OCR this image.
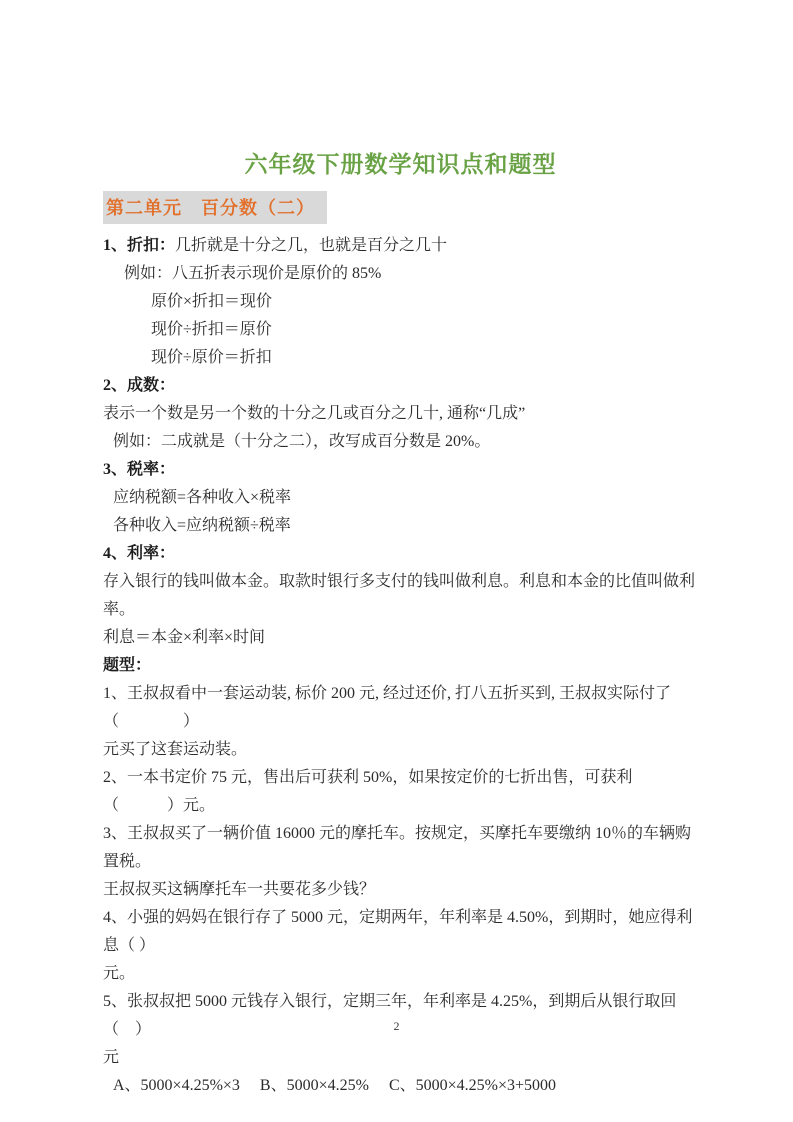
六年级下册数学知识点和题型
第二单元　百分数（二）

1、折扣：几折就是十分之几，也就是百分之几十

例如：八五折表示现价是原价的 85%

原价×折扣＝现价

现价÷折扣＝原价

现价÷原价＝折扣

2、成数：

表示一个数是另一个数的十分之几或百分之几十, 通称“几成”

例如：二成就是（十分之二），改写成百分数是 20%。

3、税率：

应纳税额=各种收入×税率

各种收入=应纳税额÷税率

4、利率：

存入银行的钱叫做本金。取款时银行多支付的钱叫做利息。利息和本金的比值叫做利率。

利息＝本金×利率×时间

题型：

1、王叔叔看中一套运动装, 标价 200 元, 经过还价, 打八五折买到, 王叔叔实际付了（　　　　）

元买了这套运动装。

2、一本书定价 75 元，售出后可获利 50%，如果按定价的七折出售，可获利（　　　）元。

3、王叔叔买了一辆价值 16000 元的摩托车。按规定，买摩托车要缴纳 10％的车辆购置税。

王叔叔买这辆摩托车一共要花多少钱？

4、小强的妈妈在银行存了 5000 元，定期两年，年利率是 4.50%，到期时，她应得利息（ ）

元。

5、张叔叔把 5000 元钱存入银行，定期三年，年利率是 4.25%，到期后从银行取回（　）

元

A、5000×4.25%×3　 B、5000×4.25%　 C、5000×4.25%×3+5000

2
